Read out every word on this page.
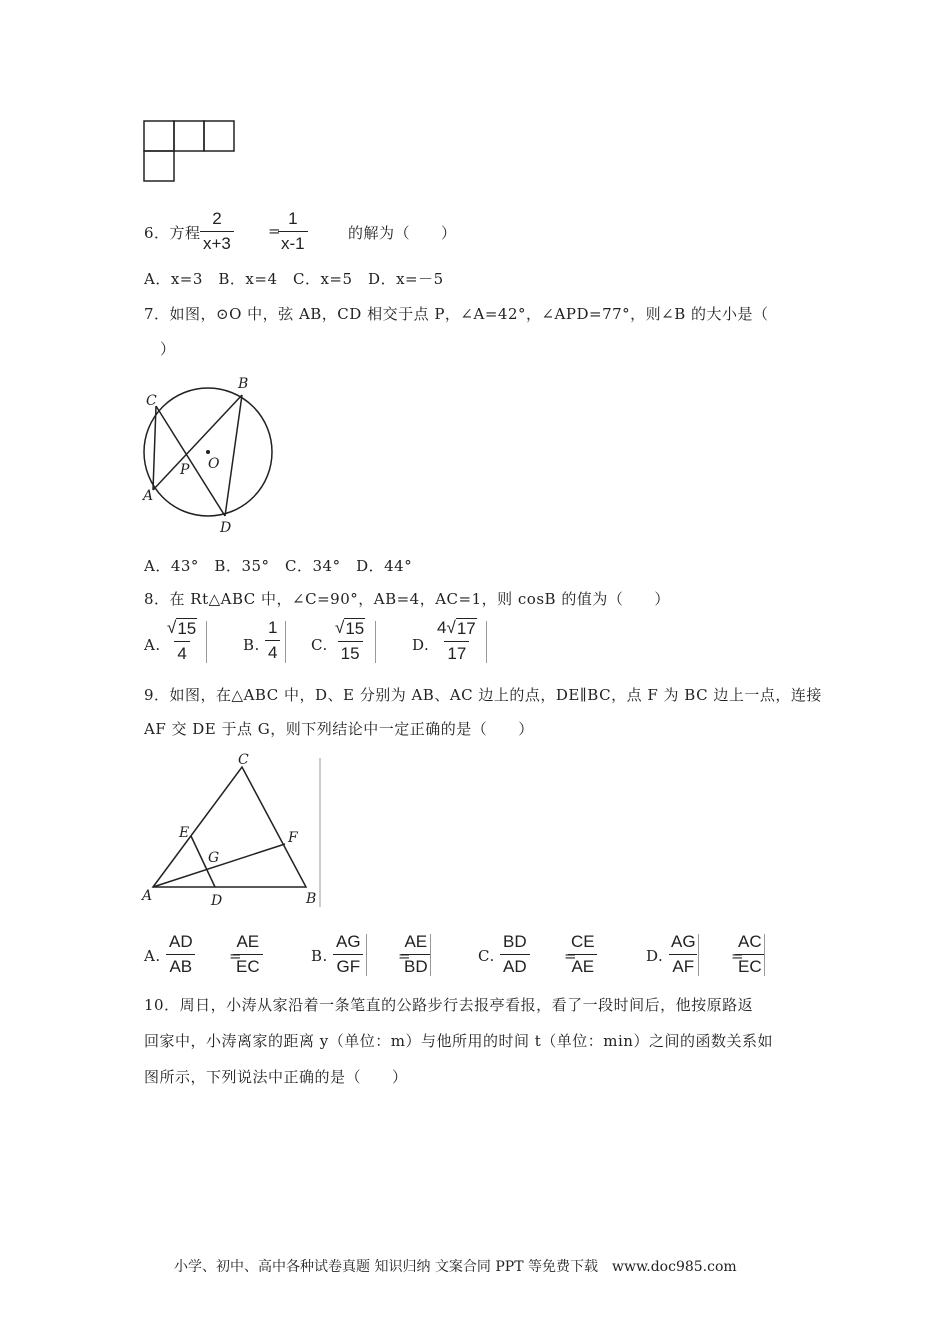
6．方程 $\frac{2}{x+3}$ =
$\frac{1}{x-1}$	的解为（　　）
A．x=3　B．x=4　C．x=5　D．x=－5
7．如图，⊙O 中，弦 AB，CD 相交于点 P，∠A=42°，∠APD=77°，则∠B 的大小是（
）
C
B
P O
A
D
A．43°　B．35°　C．34°　D．44°
8．在 Rt△ABC 中，∠C=90°，AB=4，AC=1，则 cosB 的值为（　　）
A. $\frac{√ 15}{4}$	B. $\frac{1}{4} C$. $\frac{√ 15}{15}$	D. $\frac{4√ 17}{17}$
9．如图，在△ABC 中，D、E 分别为 AB、AC 边上的点，DE∥BC，点 F 为 BC 边上一点，连接
AF 交 DE 于点 G，则下列结论中一定正确的是（　　）
C
E	F
G
A	D	B
A. $\frac{AD}{AB}$ =
$\frac{AE}{EC}$	B. $\frac{AG}{GF}$ =
$\frac{AE}{BD}$	C. $\frac{BD}{AD}$ =
$\frac{CE}{AE}$	D. $\frac{AG}{AF}$ =
$\frac{AC}{EC}$
10．周日，小涛从家沿着一条笔直的公路步行去报亭看报，看了一段时间后，他按原路返
回家中，小涛离家的距离 y（单位：m）与他所用的时间 t（单位：min）之间的函数关系如
图所示，下列说法中正确的是（　　）
小学、初中、高中各种试卷真题 知识归纳 文案合同 PPT 等免费下载　www.doc985.com
